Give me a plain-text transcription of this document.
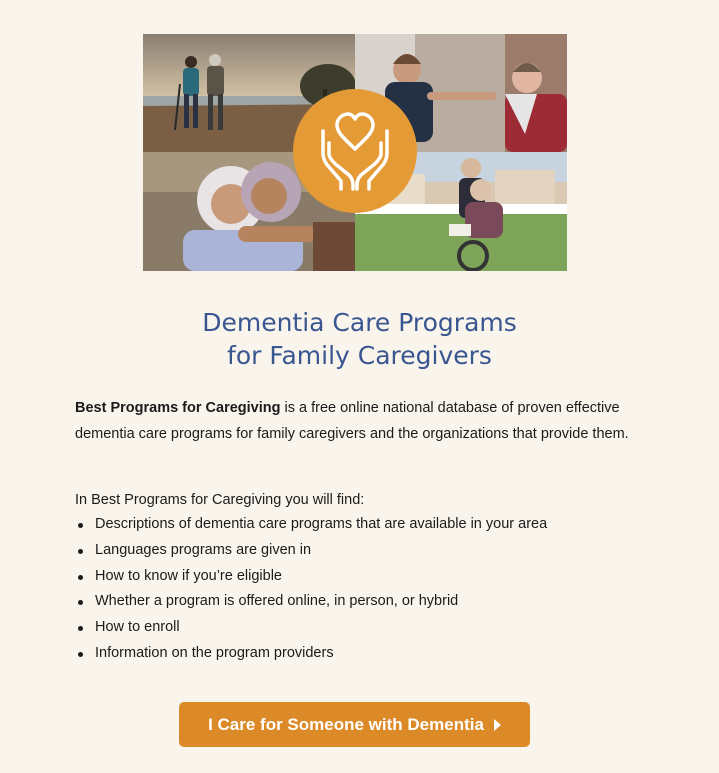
Dementia Care Programs
for Family Caregivers

Best Programs for Caregiving is a free online national database of proven effective dementia care programs for family caregivers and the organizations that provide them.

In Best Programs for Caregiving you will find:

Descriptions of dementia care programs that are available in your area
Languages programs are given in
How to know if you’re eligible
Whether a program is offered online, in person, or hybrid
How to enroll
Information on the program providers
I Care for Someone with Dementia
